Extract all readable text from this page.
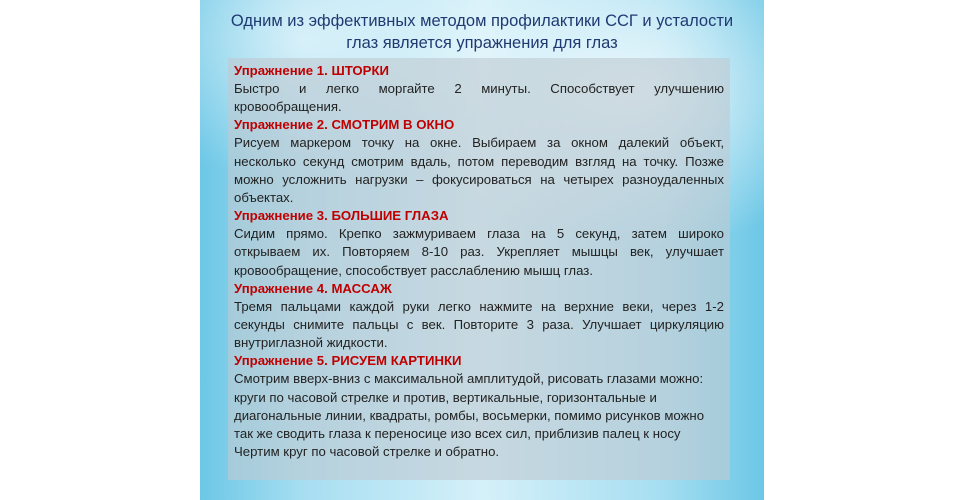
Одним из эффективных методом профилактики ССГ и усталости
глаз является упражнения для глаз

Упражнение 1. ШТОРКИ

Быстро и легко моргайте 2 минуты. Способствует улучшению кровообращения.

Упражнение 2. СМОТРИМ В ОКНО

Рисуем маркером точку на окне. Выбираем за окном далекий объект, несколько секунд смотрим вдаль, потом переводим взгляд на точку. Позже можно усложнить нагрузки – фокусироваться на четырех разноудаленных объектах.

Упражнение 3. БОЛЬШИЕ ГЛАЗА

Сидим прямо. Крепко зажмуриваем глаза на 5 секунд, затем широко открываем их. Повторяем 8-10 раз. Укрепляет мышцы век, улучшает кровообращение, способствует расслаблению мышц глаз.

Упражнение 4. МАССАЖ

Тремя пальцами каждой руки легко нажмите на верхние веки, через 1-2 секунды снимите пальцы с век. Повторите 3 раза. Улучшает циркуляцию внутриглазной жидкости.

Упражнение 5. РИСУЕМ КАРТИНКИ

Смотрим вверх-вниз с максимальной амплитудой, рисовать глазами можно: круги по часовой стрелке и против, вертикальные, горизонтальные и диагональные линии, квадраты, ромбы, восьмерки, помимо рисунков можно так же сводить глаза к переносице изо всех сил, приблизив палец к носу Чертим круг по часовой стрелке и обратно.
